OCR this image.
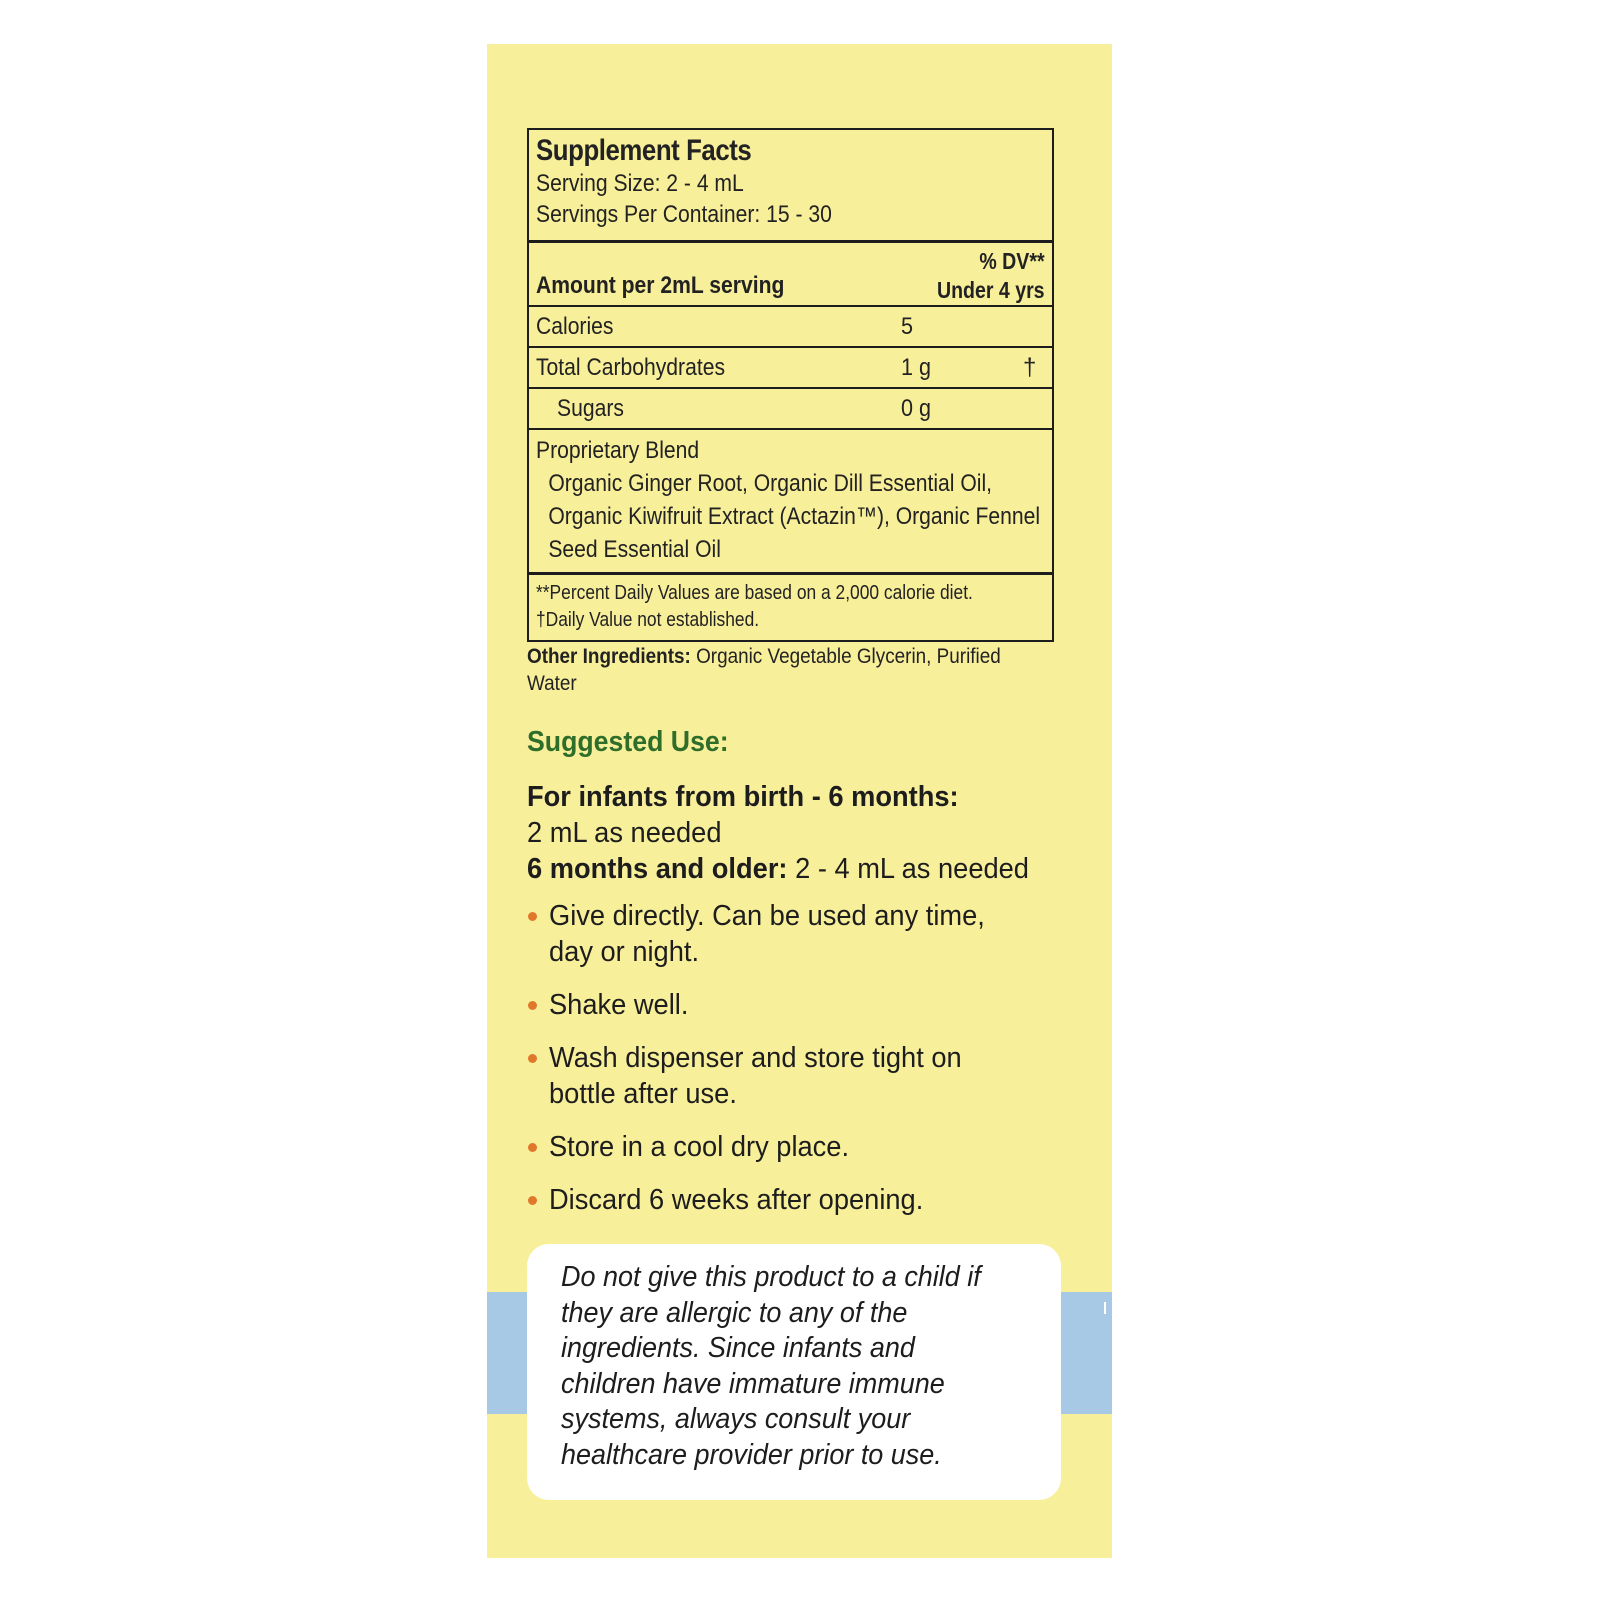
Supplement Facts
Serving Size: 2 - 4 mL
Servings Per Container: 15 - 30
Amount per 2mL serving
% DV**
Under 4 yrs
Calories	5
Total Carbohydrates	1 g	†
Sugars	0 g
Proprietary Blend
Organic Ginger Root, Organic Dill Essential Oil, Organic Kiwifruit Extract (Actazin™), Organic Fennel Seed Essential Oil
**Percent Daily Values are based on a 2,000 calorie diet.
†Daily Value not established.
Other Ingredients: Organic Vegetable Glycerin, Purified Water
Suggested Use:
For infants from birth - 6 months:
2 mL as needed
6 months and older: 2 - 4 mL as needed
Give directly. Can be used any time, day or night.
Shake well.
Wash dispenser and store tight on bottle after use.
Store in a cool dry place.
Discard 6 weeks after opening.
Do not give this product to a child if they are allergic to any of the ingredients. Since infants and children have immature immune systems, always consult your healthcare provider prior to use.
